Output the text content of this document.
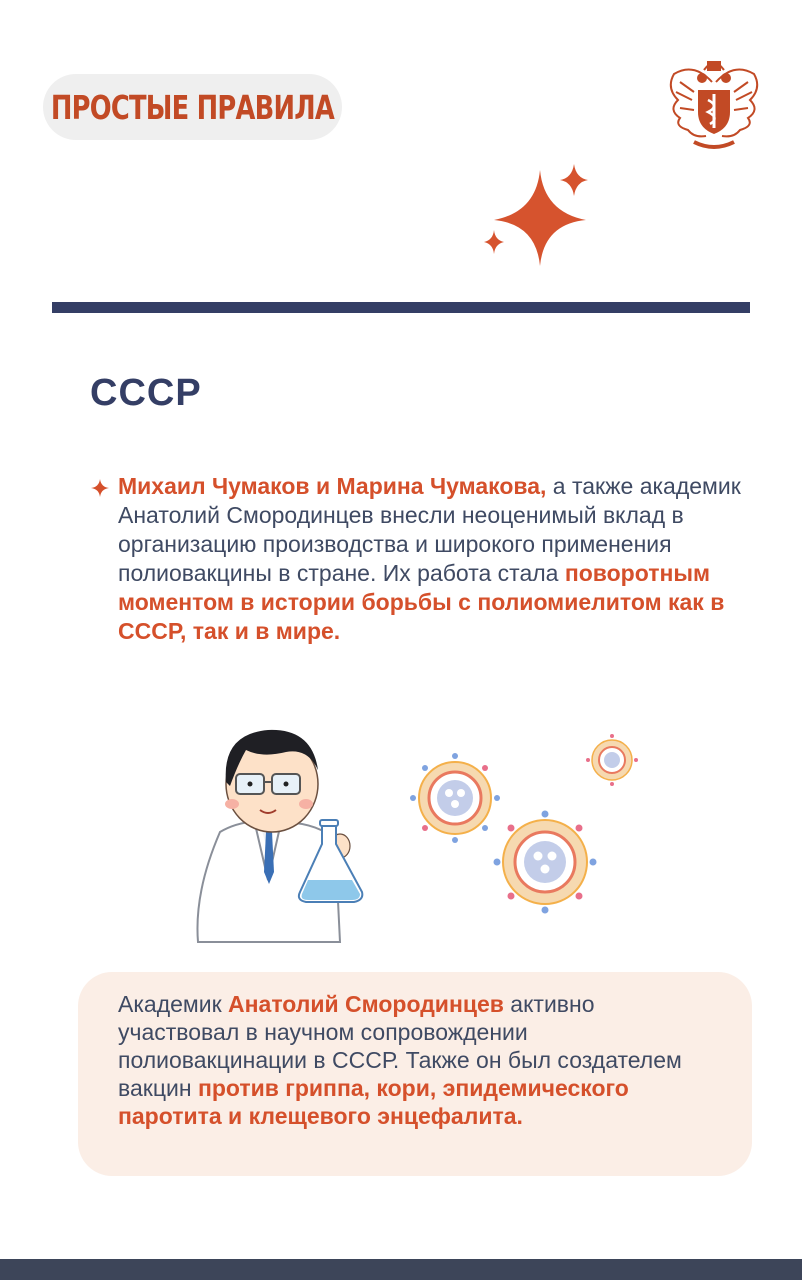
ПРОСТЫЕ ПРАВИЛА
СССР

Михаил Чумаков и Марина Чумакова, а также академик Анатолий Смородинцев внесли неоценимый вклад в организацию производства и широкого применения полиовакцины в стране. Их работа стала поворотным моментом в истории борьбы с полиомиелитом как в СССР, так и в мире.

Академик Анатолий Смородинцев активно участвовал в научном сопровождении полиовакцинации в СССР. Также он был создателем вакцин против гриппа, кори, эпидемического паротита и клещевого энцефалита.
